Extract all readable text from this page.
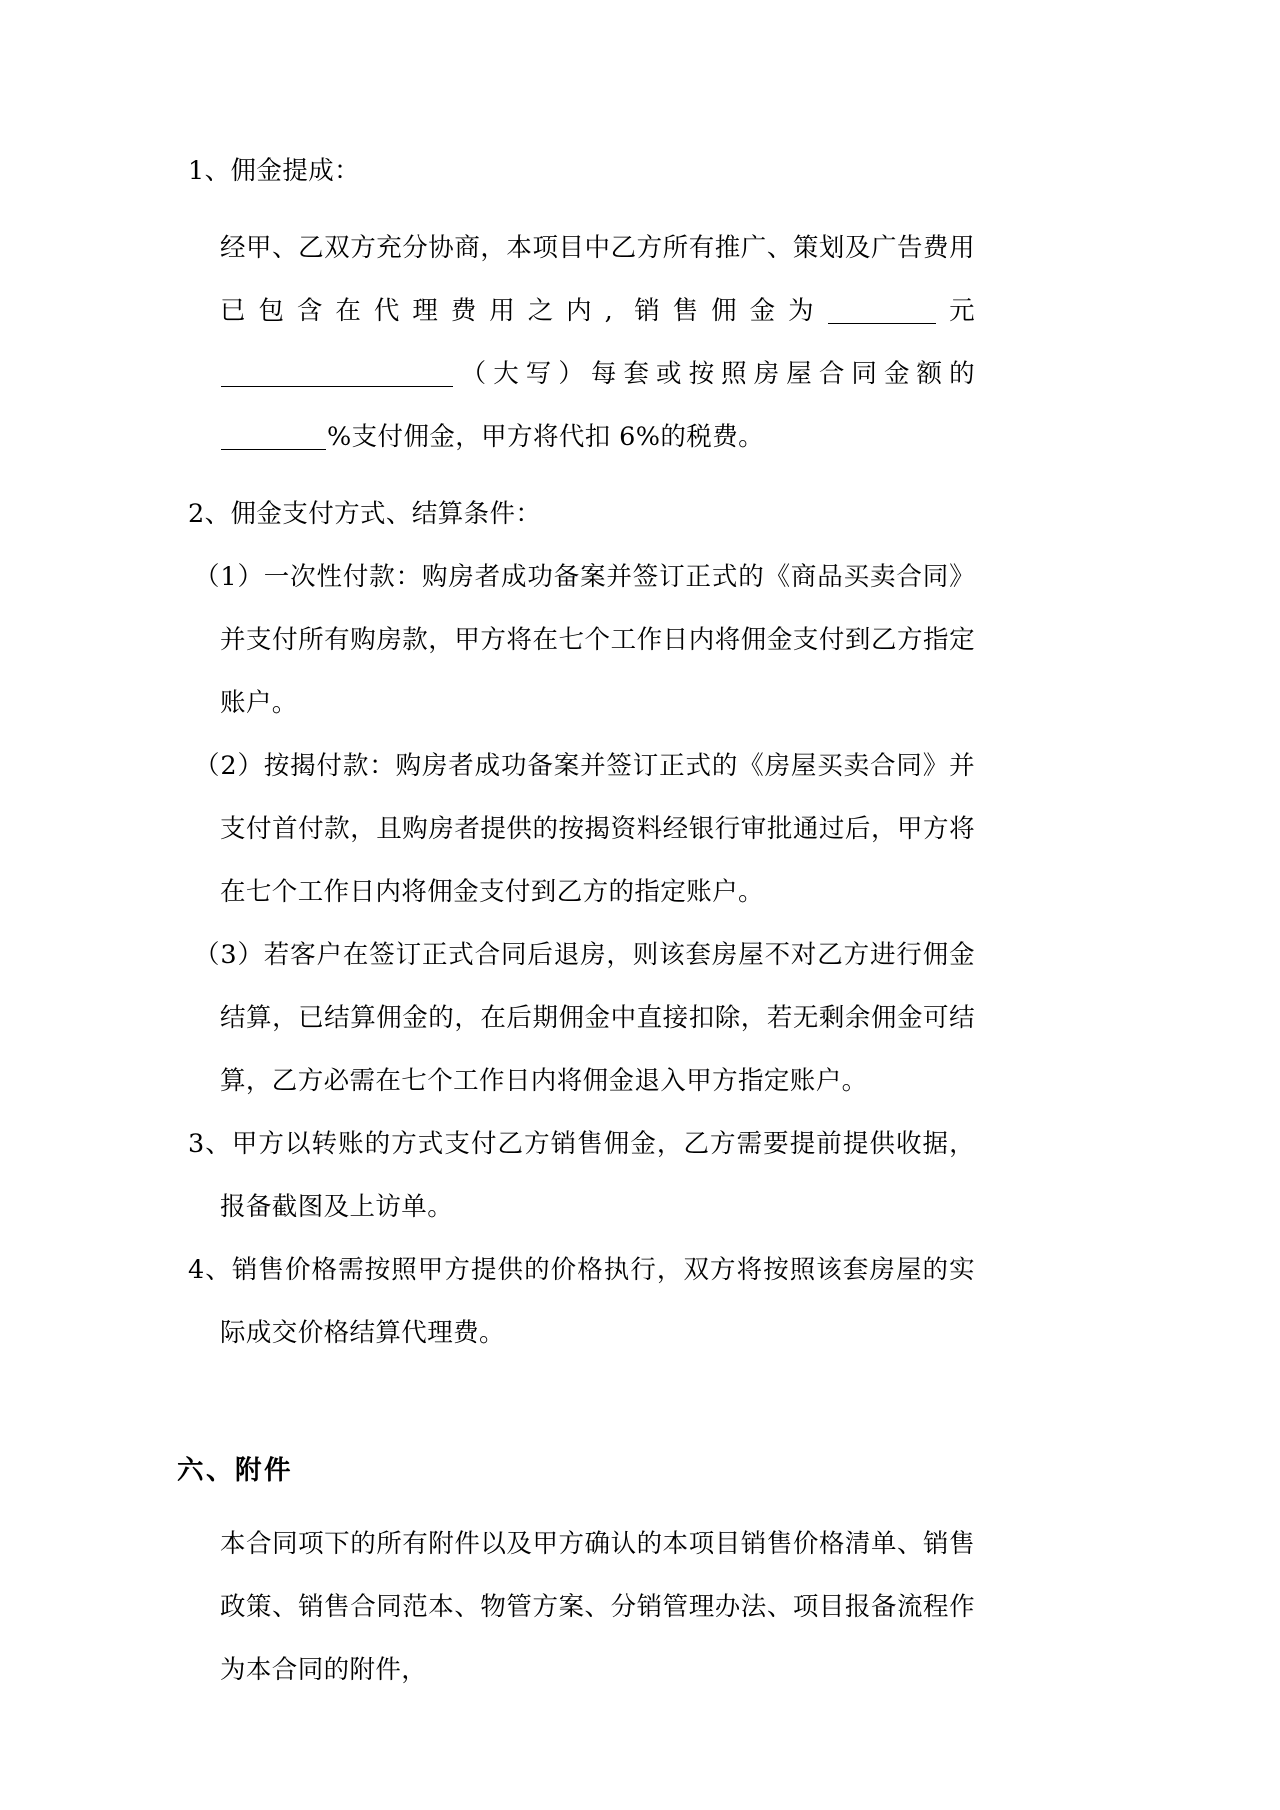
1、佣金提成：

经甲、乙双方充分协商，本项目中乙方所有推广、策划及广告费用已包含在代理费用之内, 销售佣金为	元（大写）每套或按照房屋合同金额的%支付佣金，甲方将代扣 6%的税费。

2、佣金支付方式、结算条件：

（1）一次性付款：购房者成功备案并签订正式的《商品买卖合同》并支付所有购房款，甲方将在七个工作日内将佣金支付到乙方指定账户。

（2）按揭付款：购房者成功备案并签订正式的《房屋买卖合同》并支付首付款，且购房者提供的按揭资料经银行审批通过后，甲方将在七个工作日内将佣金支付到乙方的指定账户。

（3）若客户在签订正式合同后退房，则该套房屋不对乙方进行佣金结算，已结算佣金的，在后期佣金中直接扣除，若无剩余佣金可结算，乙方必需在七个工作日内将佣金退入甲方指定账户。

3、甲方以转账的方式支付乙方销售佣金，乙方需要提前提供收据，报备截图及上访单。

4、销售价格需按照甲方提供的价格执行，双方将按照该套房屋的实际成交价格结算代理费。

六、附件

本合同项下的所有附件以及甲方确认的本项目销售价格清单、销售政策、销售合同范本、物管方案、分销管理办法、项目报备流程作为本合同的附件，
